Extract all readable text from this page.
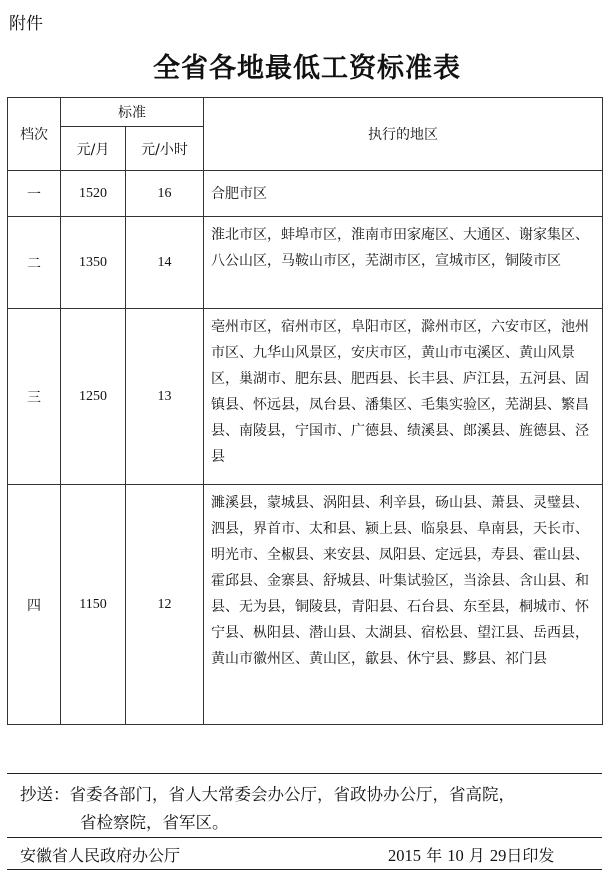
附件
全省各地最低工资标准表
档次	标准		执行的地区
	元/月	元/小时	
一	1520	16	合肥市区
二	1350	14	淮北市区，蚌埠市区，淮南市田家庵区、大通区、谢家集区、八公山区，马鞍山市区，芜湖市区，宣城市区，铜陵市区
三	1250	13	亳州市区，宿州市区，阜阳市区，滁州市区，六安市区，池州市区、九华山风景区，安庆市区，黄山市屯溪区、黄山风景区，巢湖市、肥东县、肥西县、长丰县、庐江县，五河县、固镇县、怀远县，凤台县、潘集区、毛集实验区，芜湖县、繁昌县、南陵县，宁国市、广德县、绩溪县、郎溪县、旌德县、泾县
四	1150	12	濉溪县，蒙城县、涡阳县、利辛县，砀山县、萧县、灵璧县、泗县，界首市、太和县、颍上县、临泉县、阜南县，天长市、明光市、全椒县、来安县、凤阳县、定远县，寿县、霍山县、霍邱县、金寨县、舒城县、叶集试验区，当涂县、含山县、和县、无为县，铜陵县，青阳县、石台县、东至县，桐城市、怀宁县、枞阳县、潜山县、太湖县、宿松县、望江县、岳西县，黄山市徽州区、黄山区，歙县、休宁县、黟县、祁门县
抄送：省委各部门，省人大常委会办公厅，省政协办公厅，省高院，
省检察院，省军区。
安徽省人民政府办公厅	2015 年 10 月 29日印发
